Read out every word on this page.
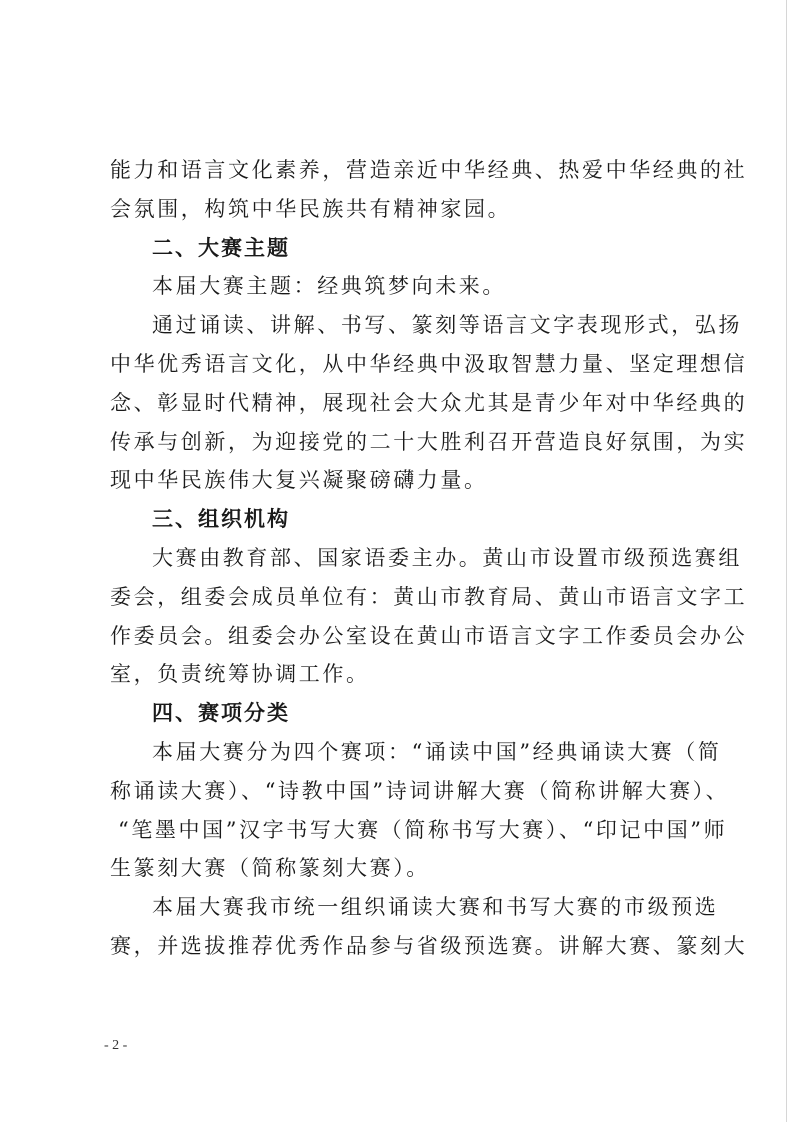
能力和语言文化素养，营造亲近中华经典、热爱中华经典的社
会氛围，构筑中华民族共有精神家园。
二、大赛主题
本届大赛主题：经典筑梦向未来。
通过诵读、讲解、书写、篆刻等语言文字表现形式，弘扬
中华优秀语言文化，从中华经典中汲取智慧力量、坚定理想信
念、彰显时代精神，展现社会大众尤其是青少年对中华经典的
传承与创新，为迎接党的二十大胜利召开营造良好氛围，为实
现中华民族伟大复兴凝聚磅礴力量。
三、组织机构
大赛由教育部、国家语委主办。黄山市设置市级预选赛组
委会，组委会成员单位有：黄山市教育局、黄山市语言文字工
作委员会。组委会办公室设在黄山市语言文字工作委员会办公
室，负责统筹协调工作。
四、赛项分类
本届大赛分为四个赛项：“诵读中国”经典诵读大赛（简
称诵读大赛）、“诗教中国”诗词讲解大赛（简称讲解大赛）、
“笔墨中国”汉字书写大赛（简称书写大赛）、“印记中国”师
生篆刻大赛（简称篆刻大赛）。
本届大赛我市统一组织诵读大赛和书写大赛的市级预选
赛，并选拔推荐优秀作品参与省级预选赛。讲解大赛、篆刻大
- 2 -
